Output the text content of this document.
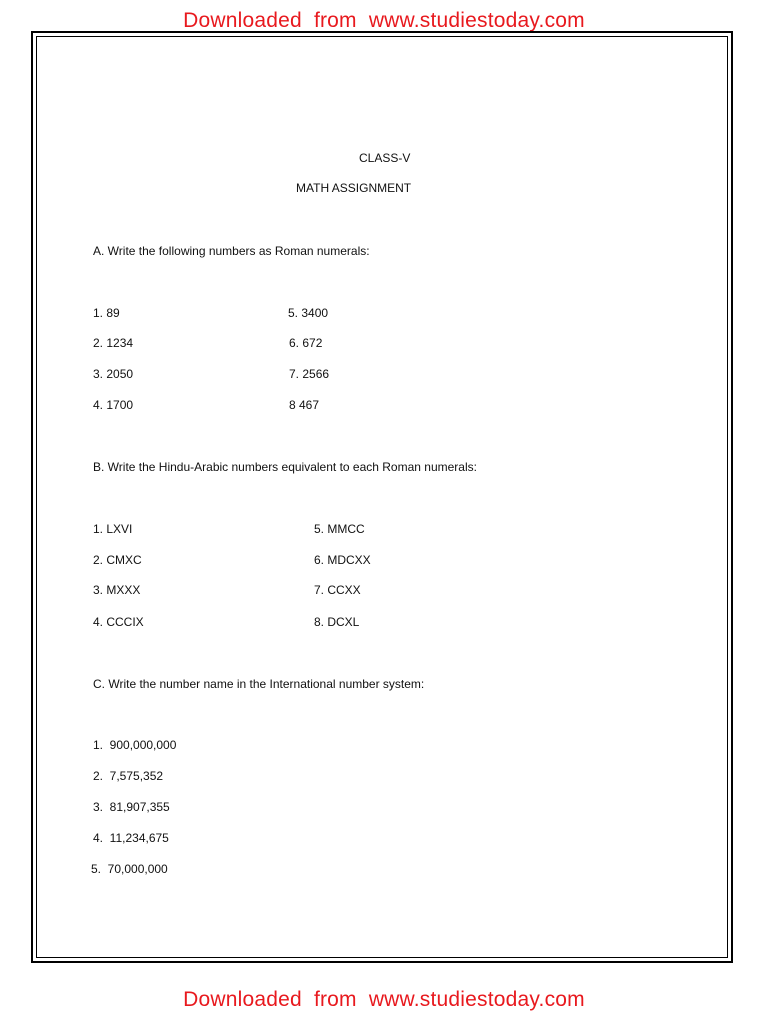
Downloaded  from  www.studiestoday.com
CLASS-V
MATH ASSIGNMENT
A. Write the following numbers as Roman numerals:
1. 89
2. 1234
3. 2050
4. 1700
5. 3400
6. 672
7. 2566
8 467
B. Write the Hindu-Arabic numbers equivalent to each Roman numerals:
1. LXVI
2. CMXC
3. MXXX
4. CCCIX
5. MMCC
6. MDCXX
7. CCXX
8. DCXL
C. Write the number name in the International number system:
1.  900,000,000
2.  7,575,352
3.  81,907,355
4.  11,234,675
5.  70,000,000
Downloaded  from  www.studiestoday.com
